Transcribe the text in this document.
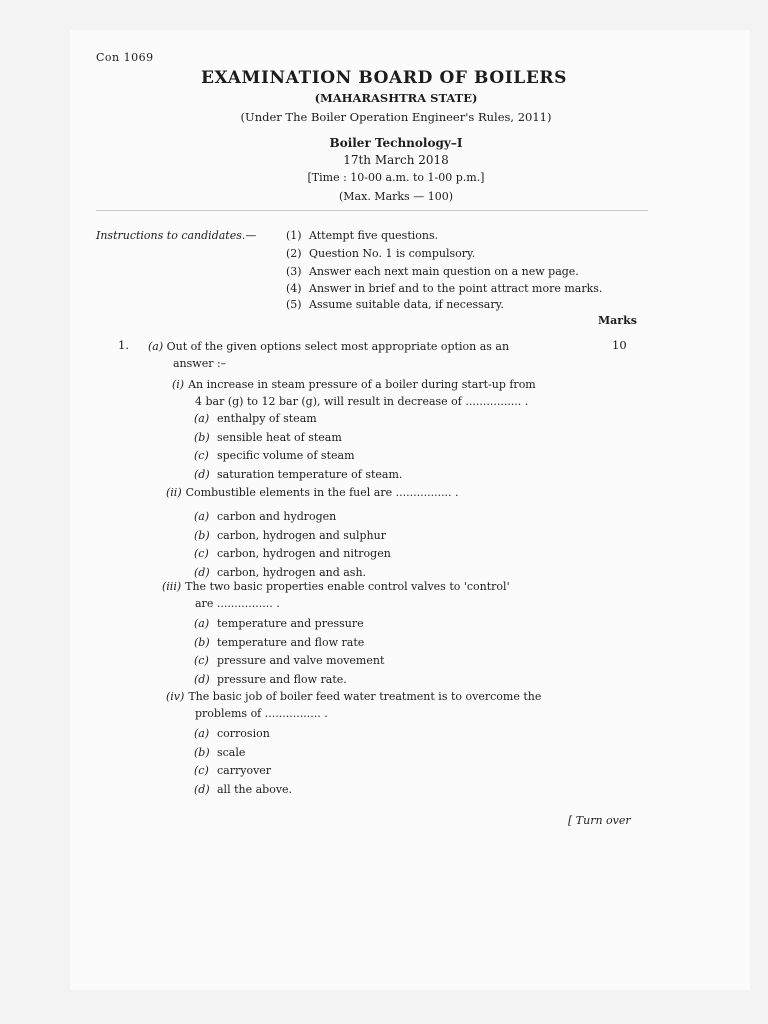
Con 1069
EXAMINATION BOARD OF BOILERS
(MAHARASHTRA STATE)
(Under The Boiler Operation Engineer's Rules, 2011)
Boiler Technology–I
17th March 2018
[Time : 10-00 a.m. to 1-00 p.m.]
(Max. Marks — 100)
Instructions to candidates.—	(1) Attempt five questions.
(2) Question No. 1 is compulsory.
(3) Answer each next main question on a new page.
(4) Answer in brief and to the point attract more marks.
(5) Assume suitable data, if necessary.
Marks
1. (a) Out of the given options select most appropriate option as an
answer :–
10
(i) An increase in steam pressure of a boiler during start-up from
4 bar (g) to 12 bar (g), will result in decrease of ................ .
(a) enthalpy of steam
(b) sensible heat of steam
(c) specific volume of steam
(d) saturation temperature of steam.
(ii) Combustible elements in the fuel are ................ .
(a) carbon and hydrogen
(b) carbon, hydrogen and sulphur
(c) carbon, hydrogen and nitrogen
(d) carbon, hydrogen and ash.
(iii) The two basic properties enable control valves to 'control'
are ................ .
(a) temperature and pressure
(b) temperature and flow rate
(c) pressure and valve movement
(d) pressure and flow rate.
(iv) The basic job of boiler feed water treatment is to overcome the
problems of ................ .
(a) corrosion
(b) scale
(c) carryover
(d) all the above.
[ Turn over
